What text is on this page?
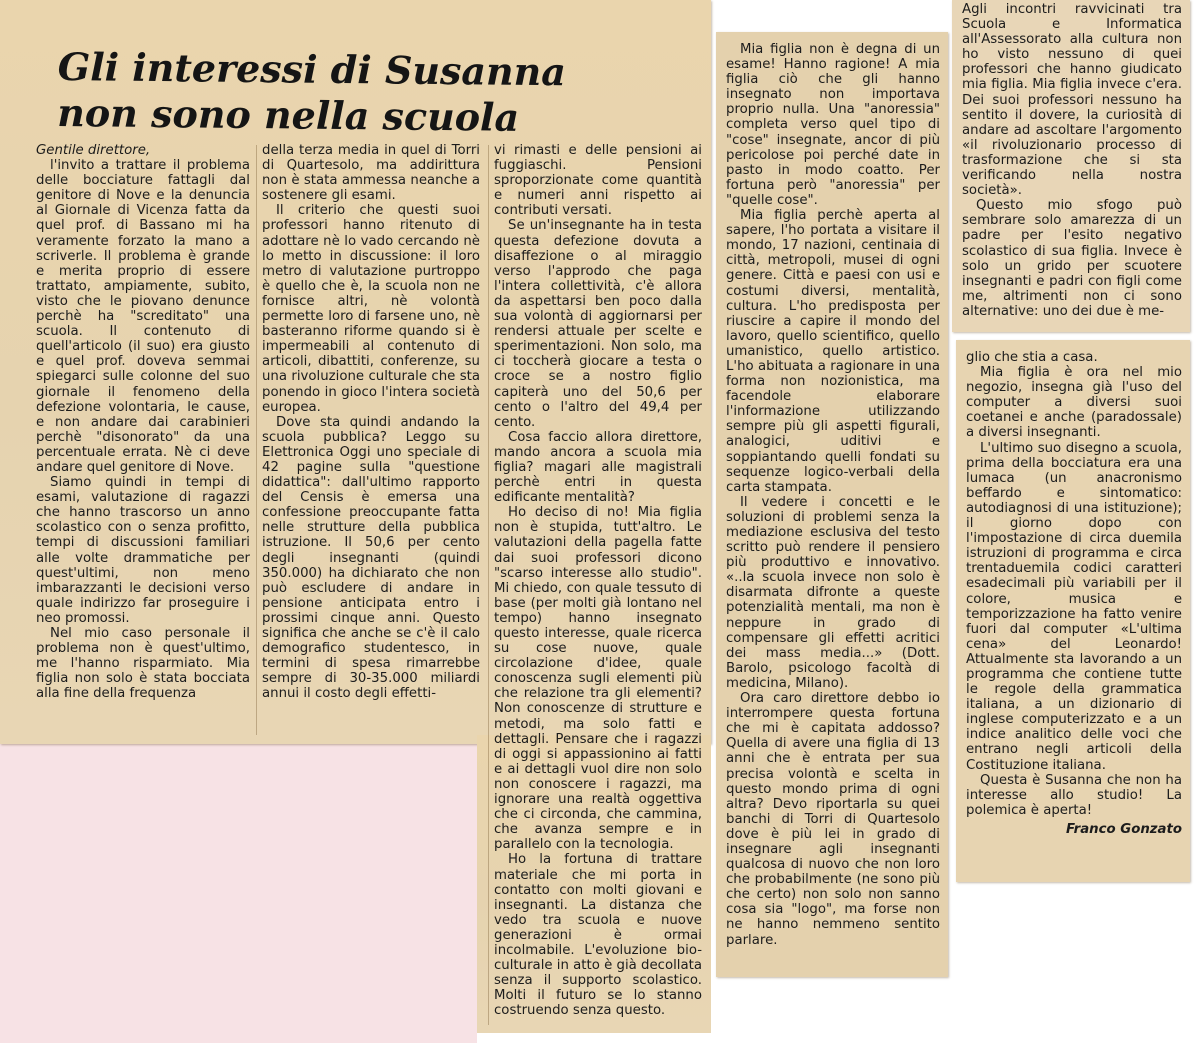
Gli interessi di Susanna
non sono nella scuola

Gentile direttore,

l'invito a trattare il problema delle bocciature fattagli dal genitore di Nove e la denuncia al Giornale di Vicenza fatta da quel prof. di Bassano mi ha veramente forzato la mano a scriverle. Il problema è grande e merita proprio di essere trattato, ampiamente, subito, visto che le piovano denunce perchè ha "screditato" una scuola. Il contenuto di quell'articolo (il suo) era giusto e quel prof. doveva semmai spiegarci sulle colonne del suo giornale il fenomeno della defezione volontaria, le cause, e non andare dai carabinieri perchè "disonorato" da una percentuale errata. Nè ci deve andare quel genitore di Nove.

Siamo quindi in tempi di esami, valutazione di ragazzi che hanno trascorso un anno scolastico con o senza profitto, tempi di discussioni familiari alle volte drammatiche per quest'ultimi, non meno imbarazzanti le decisioni verso quale indirizzo far proseguire i neo promossi.

Nel mio caso personale il problema non è quest'ultimo, me l'hanno risparmiato. Mia figlia non solo è stata bocciata alla fine della frequenza

della terza media in quel di Torri di Quartesolo, ma addirittura non è stata ammessa neanche a sostenere gli esami.

Il criterio che questi suoi professori hanno ritenuto di adottare nè lo vado cercando nè lo metto in discussione: il loro metro di valutazione purtroppo è quello che è, la scuola non ne fornisce altri, nè volontà permette loro di farsene uno, nè basteranno riforme quando si è impermeabili al contenuto di articoli, dibattiti, conferenze, su una rivoluzione culturale che sta ponendo in gioco l'intera società europea.

Dove sta quindi andando la scuola pubblica? Leggo su Elettronica Oggi uno speciale di 42 pagine sulla "questione didattica": dall'ultimo rapporto del Censis è emersa una confessione preoccupante fatta nelle strutture della pubblica istruzione. Il 50,6 per cento degli insegnanti (quindi 350.000) ha dichiarato che non può escludere di andare in pensione anticipata entro i prossimi cinque anni. Questo significa che anche se c'è il calo demografico studentesco, in termini di spesa rimarrebbe sempre di 30-35.000 miliardi annui il costo degli effetti-

vi rimasti e delle pensioni ai fuggiaschi. Pensioni sproporzionate come quantità e numeri anni rispetto ai contributi versati.

Se un'insegnante ha in testa questa defezione dovuta a disaffezione o al miraggio verso l'approdo che paga l'intera collettività, c'è allora da aspettarsi ben poco dalla sua volontà di aggiornarsi per rendersi attuale per scelte e sperimentazioni. Non solo, ma ci toccherà giocare a testa o croce se a nostro figlio capiterà uno del 50,6 per cento o l'altro del 49,4 per cento.

Cosa faccio allora direttore, mando ancora a scuola mia figlia? magari alle magistrali perchè entri in questa edificante mentalità?

Ho deciso di no! Mia figlia non è stupida, tutt'altro. Le valutazioni della pagella fatte dai suoi professori dicono "scarso interesse allo studio". Mi chiedo, con quale tessuto di base (per molti già lontano nel tempo) hanno insegnato questo interesse, quale ricerca su cose nuove, quale circolazione d'idee, quale conoscenza sugli elementi più che relazione tra gli elementi? Non conoscenze di strutture e metodi, ma solo fatti e dettagli. Pensare che i ragazzi di oggi si appassionino ai fatti e ai dettagli vuol dire non solo non conoscere i ragazzi, ma ignorare una realtà oggettiva che ci circonda, che cammina, che avanza sempre e in parallelo con la tecnologia.

Ho la fortuna di trattare materiale che mi porta in contatto con molti giovani e insegnanti. La distanza che vedo tra scuola e nuove generazioni è ormai incolmabile. L'evoluzione bio-culturale in atto è già decollata senza il supporto scolastico. Molti il futuro se lo stanno costruendo senza questo.

Mia figlia non è degna di un esame! Hanno ragione! A mia figlia ciò che gli hanno insegnato non importava proprio nulla. Una "anoressia" completa verso quel tipo di "cose" insegnate, ancor di più pericolose poi perché date in pasto in modo coatto. Per fortuna però "anoressia" per "quelle cose".

Mia figlia perchè aperta al sapere, l'ho portata a visitare il mondo, 17 nazioni, centinaia di città, metropoli, musei di ogni genere. Città e paesi con usi e costumi diversi, mentalità, cultura. L'ho predisposta per riuscire a capire il mondo del lavoro, quello scientifico, quello umanistico, quello artistico. L'ho abituata a ragionare in una forma non nozionistica, ma facendole elaborare l'informazione utilizzando sempre più gli aspetti figurali, analogici, uditivi e soppiantando quelli fondati su sequenze logico-verbali della carta stampata.

Il vedere i concetti e le soluzioni di problemi senza la mediazione esclusiva del testo scritto può rendere il pensiero più produttivo e innovativo. «..la scuola invece non solo è disarmata difronte a queste potenzialità mentali, ma non è neppure in grado di compensare gli effetti acritici dei mass media...» (Dott. Barolo, psicologo facoltà di medicina, Milano).

Ora caro direttore debbo io interrompere questa fortuna che mi è capitata addosso? Quella di avere una figlia di 13 anni che è entrata per sua precisa volontà e scelta in questo mondo prima di ogni altra? Devo riportarla su quei banchi di Torri di Quartesolo dove è più lei in grado di insegnare agli insegnanti qualcosa di nuovo che non loro che probabilmente (ne sono più che certo) non solo non sanno cosa sia "logo", ma forse non ne hanno nemmeno sentito parlare.

Agli incontri ravvicinati tra Scuola e Informatica all'Assessorato alla cultura non ho visto nessuno di quei professori che hanno giudicato mia figlia. Mia figlia invece c'era. Dei suoi professori nessuno ha sentito il dovere, la curiosità di andare ad ascoltare l'argomento «il rivoluzionario processo di trasformazione che si sta verificando nella nostra società».

Questo mio sfogo può sembrare solo amarezza di un padre per l'esito negativo scolastico di sua figlia. Invece è solo un grido per scuotere insegnanti e padri con figli come me, altrimenti non ci sono alternative: uno dei due è me-

glio che stia a casa.

Mia figlia è ora nel mio negozio, insegna già l'uso del computer a diversi suoi coetanei e anche (paradossale) a diversi insegnanti.

L'ultimo suo disegno a scuola, prima della bocciatura era una lumaca (un anacronismo beffardo e sintomatico: autodiagnosi di una istituzione); il giorno dopo con l'impostazione di circa duemila istruzioni di programma e circa trentaduemila codici caratteri esadecimali più variabili per il colore, musica e temporizzazione ha fatto venire fuori dal computer «L'ultima cena» del Leonardo! Attualmente sta lavorando a un programma che contiene tutte le regole della grammatica italiana, a un dizionario di inglese computerizzato e a un indice analitico delle voci che entrano negli articoli della Costituzione italiana.

Questa è Susanna che non ha interesse allo studio! La polemica è aperta!

Franco Gonzato
